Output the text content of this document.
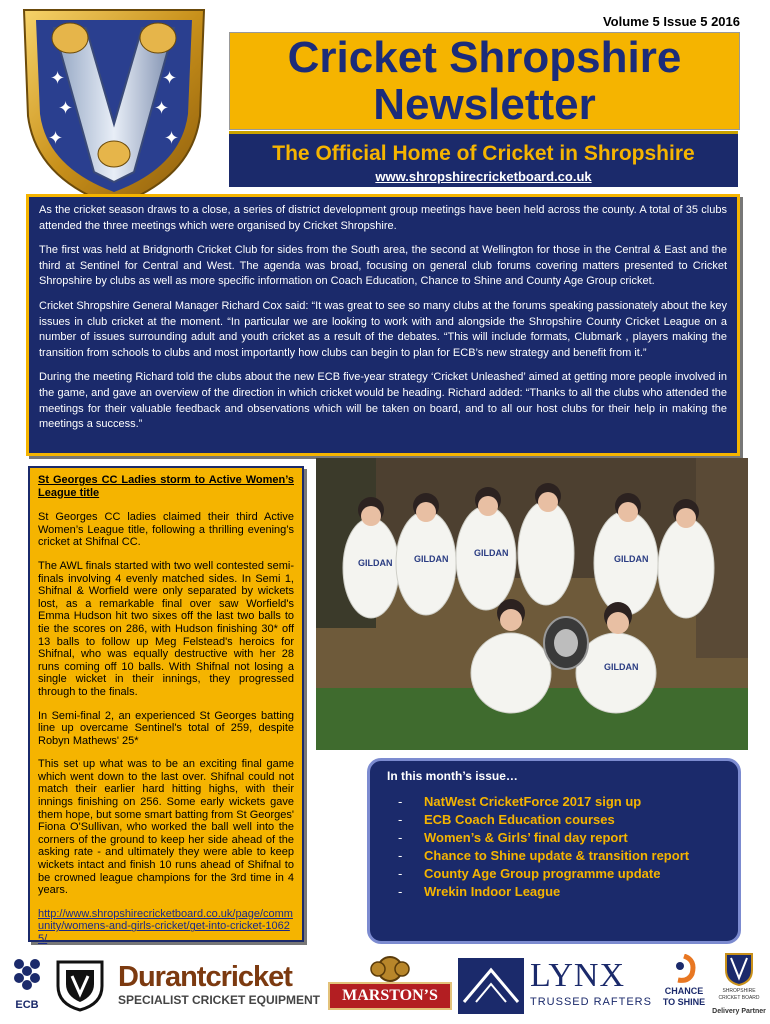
✦
✦
✦
✦
✦
✦
Volume 5 Issue 5 2016
Cricket Shropshire
Newsletter
The Official Home of Cricket in Shropshire
www.shropshirecricketboard.co.uk

As the cricket season draws to a close, a series of district development group meetings have been held across the county. A total of 35 clubs attended the three meetings which were organised by Cricket Shropshire.

The first was held at Bridgnorth Cricket Club for sides from the South area, the second at Wellington for those in the Central & East and the third at Sentinel for Central and West. The agenda was broad, focusing on general club forums covering matters presented to Cricket Shropshire by clubs as well as more specific information on Coach Education, Chance to Shine and County Age Group cricket.

Cricket Shropshire General Manager Richard Cox said: “It was great to see so many clubs at the forums speaking passionately about the key issues in club cricket at the moment. “In particular we are looking to work with and alongside the Shropshire County Cricket League on a number of issues surrounding adult and youth cricket as a result of the debates. “This will include formats, Clubmark , players making the transition from schools to clubs and most importantly how clubs can begin to plan for ECB’s new strategy and benefit from it.”

During the meeting Richard told the clubs about the new ECB five-year strategy ‘Cricket Unleashed’ aimed at getting more people involved in the game, and gave an overview of the direction in which cricket would be heading. Richard added: “Thanks to all the clubs who attended the meetings for their valuable feedback and observations which will be taken on board, and to all our host clubs for their help in making the meetings a success.”

St Georges CC Ladies storm to Active Women’s League title

St Georges CC ladies claimed their third Active Women’s League title, following a thrilling evening’s cricket at Shifnal CC.

The AWL finals started with two well contested semi-finals involving 4 evenly matched sides. In Semi 1, Shifnal & Worfield were only separated by wickets lost, as a remarkable final over saw Worfield's Emma Hudson hit two sixes off the last two balls to tie the scores on 286, with Hudson finishing 30* off 13 balls to follow up Meg Felstead's heroics for Shifnal, who was equally destructive with her 28 runs coming off 10 balls. With Shifnal not losing a single wicket in their innings, they progressed through to the finals.

In Semi-final 2, an experienced St Georges batting line up overcame Sentinel's total of 259, despite Robyn Mathews' 25*

This set up what was to be an exciting final game which went down to the last over. Shifnal could not match their earlier hard hitting highs, with their innings finishing on 256. Some early wickets gave them hope, but some smart batting from St Georges' Fiona O'Sullivan, who worked the ball well into the corners of the ground to keep her side ahead of the asking rate - and ultimately they were able to keep wickets intact and finish 10 runs ahead of Shifnal to be crowned league champions for the 3rd time in 4 years.

http://www.shropshirecricketboard.co.uk/page/community/womens-and-girls-cricket/get-into-cricket-10625/
GILDAN GILDAN
GILDAN
GILDAN
GILDAN
In this month’s issue…
- NatWest CricketForce 2017 sign up
- ECB Coach Education courses
- Women’s & Girls’ final day report
- Chance to Shine update & transition report
- County Age Group programme update
- Wrekin Indoor League
ECB
Durantcricket
SPECIALIST CRICKET EQUIPMENT	MARSTON’S
LYNX
TRUSSED RAFTERS
CHANCE
TO SHINE
SHROPSHIRE
CRICKET BOARD
Delivery Partner
